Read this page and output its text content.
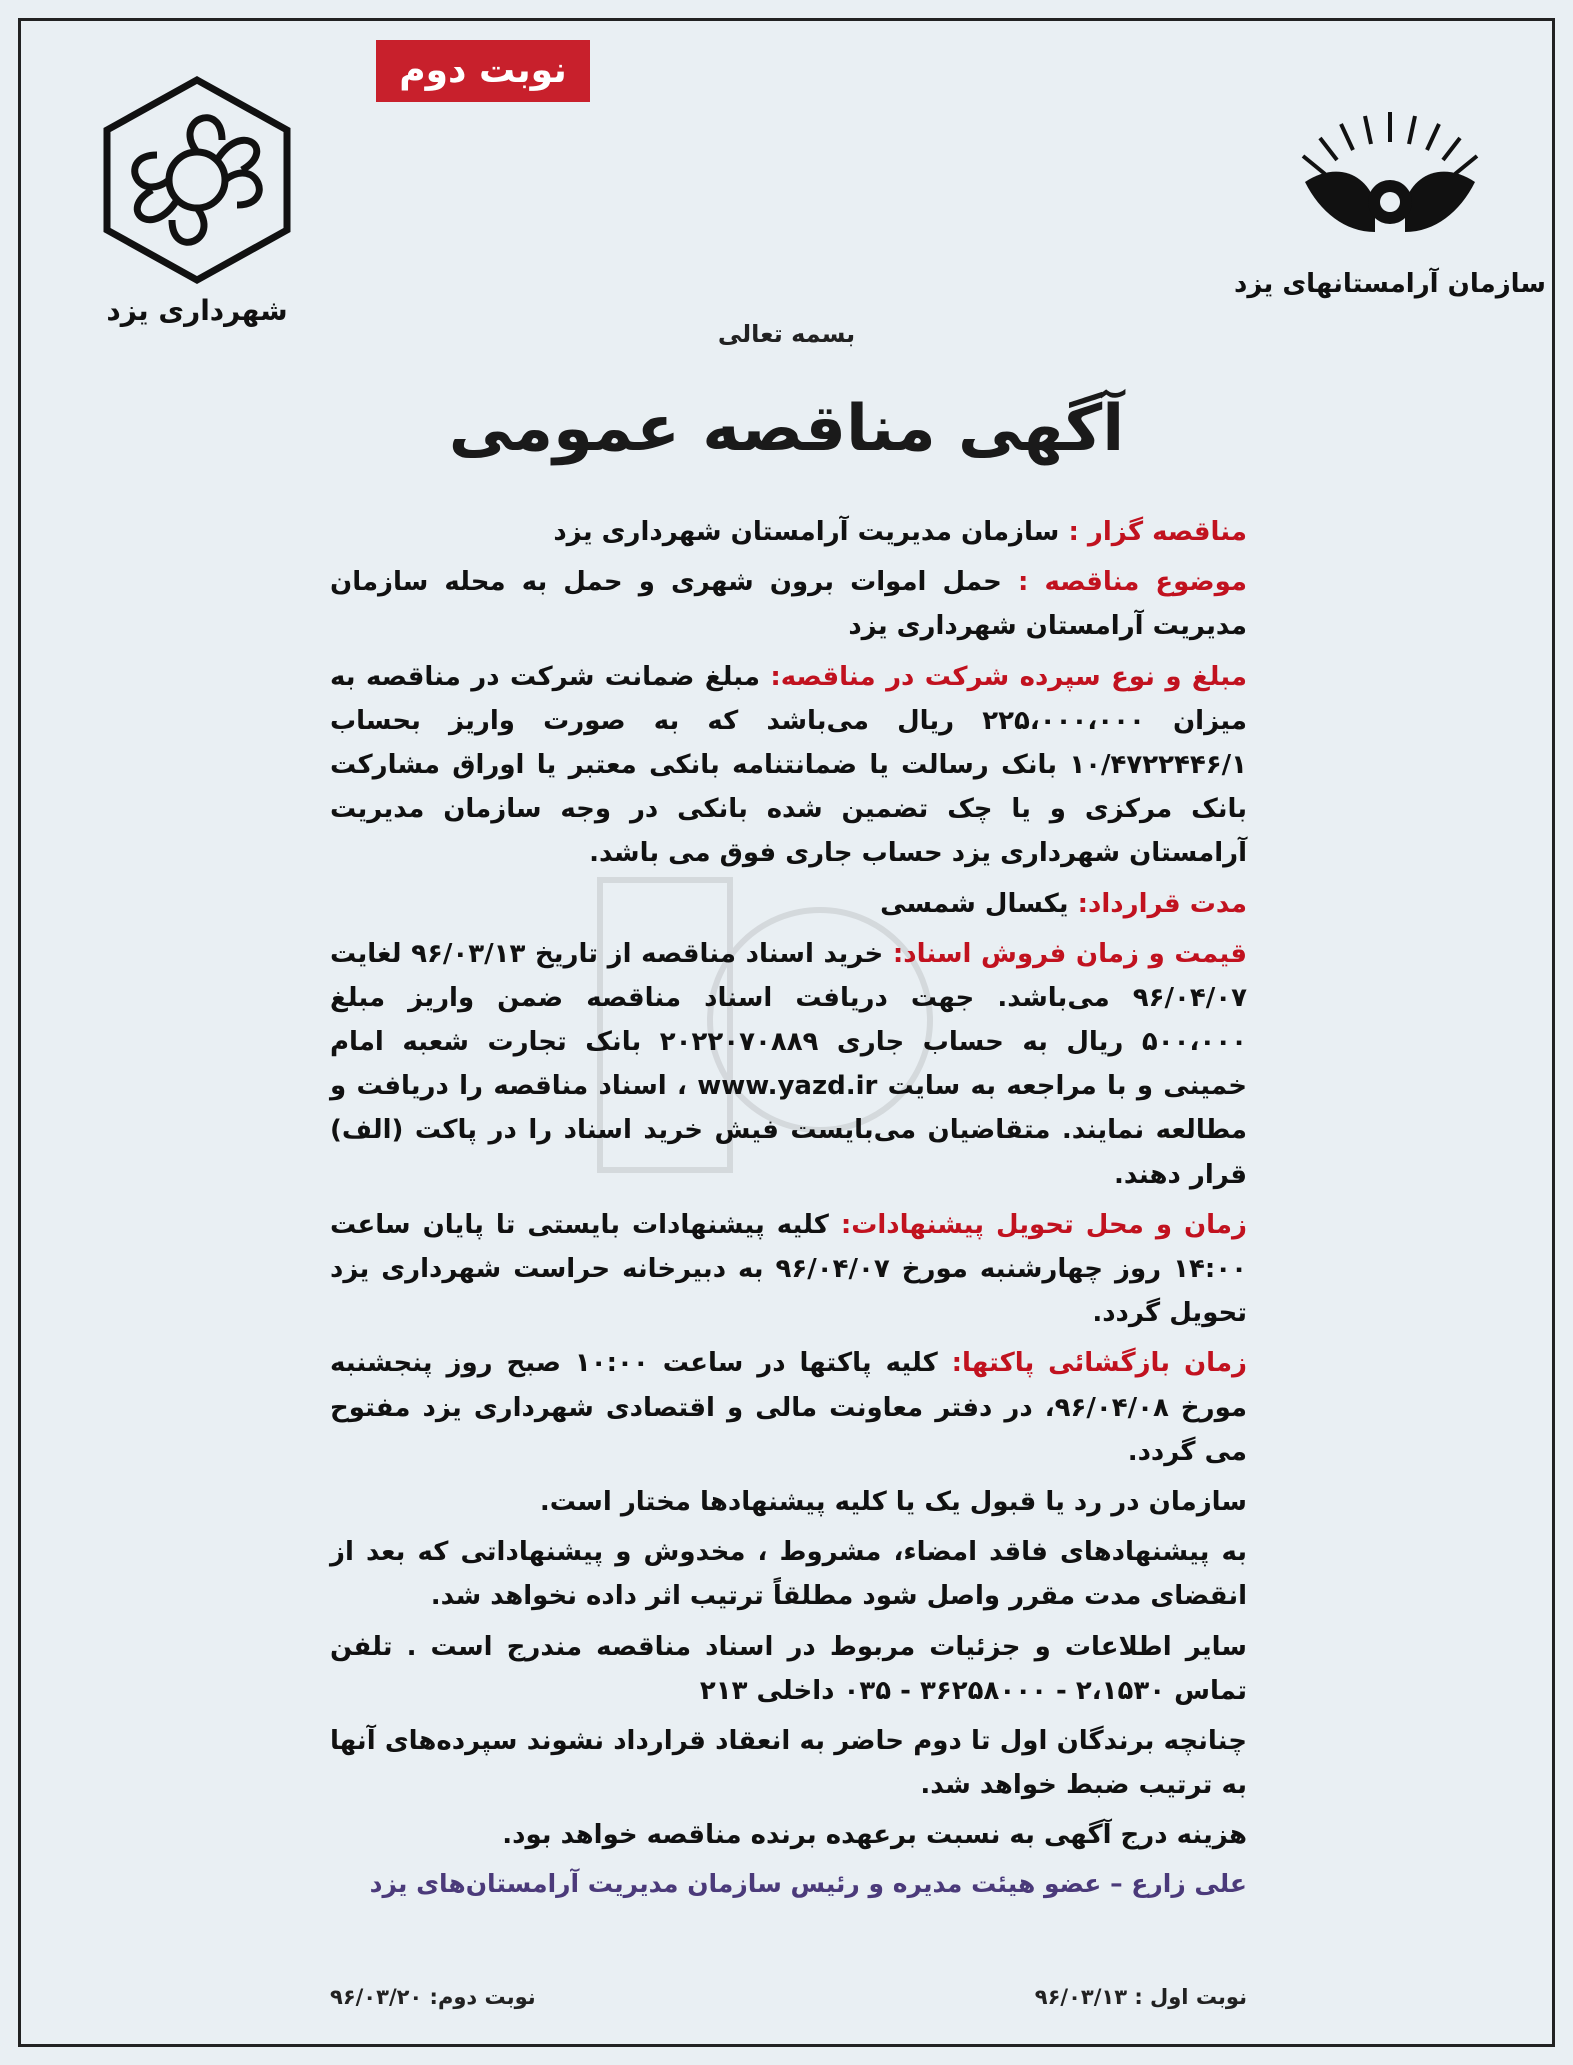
نوبت دوم
شهرداری یزد
سازمان آرامستانهای یزد
بسمه تعالی
آگهی مناقصه عمومی

مناقصه گزار : سازمان مدیریت آرامستان شهرداری یزد

موضوع مناقصه : حمل اموات برون شهری و حمل به محله سازمان مدیریت آرامستان شهرداری یزد

مبلغ و نوع سپرده شرکت در مناقصه: مبلغ ضمانت شرکت در مناقصه به میزان ۲۲۵،۰۰۰،۰۰۰ ریال می‌باشد که به صورت واریز بحساب ۱۰/۴۷۲۲۴۴۶/۱ بانک رسالت یا ضمانتنامه بانکی معتبر یا اوراق مشارکت بانک مرکزی و یا چک تضمین شده بانکی در وجه سازمان مدیریت آرامستان شهرداری یزد حساب جاری فوق می باشد.

مدت قرارداد: یکسال شمسی

قیمت و زمان فروش اسناد: خرید اسناد مناقصه از تاریخ ۹۶/۰۳/۱۳ لغایت ۹۶/۰۴/۰۷ می‌باشد. جهت دریافت اسناد مناقصه ضمن واریز مبلغ ۵۰۰،۰۰۰ ریال به حساب جاری ۲۰۲۲۰۷۰۸۸۹ بانک تجارت شعبه امام خمینی و با مراجعه به سایت www.yazd.ir ، اسناد مناقصه را دریافت و مطالعه نمایند. متقاضیان می‌بایست فیش خرید اسناد را در پاکت (الف) قرار دهند.

زمان و محل تحویل پیشنهادات: کلیه پیشنهادات بایستی تا پایان ساعت ۱۴:۰۰ روز چهارشنبه مورخ ۹۶/۰۴/۰۷ به دبیرخانه حراست شهرداری یزد تحویل گردد.

زمان بازگشائی پاکتها: کلیه پاکتها در ساعت ۱۰:۰۰ صبح روز پنجشنبه مورخ ۹۶/۰۴/۰۸، در دفتر معاونت مالی و اقتصادی شهرداری یزد مفتوح می گردد.

سازمان در رد یا قبول یک یا کلیه پیشنهادها مختار است.

به پیشنهادهای فاقد امضاء، مشروط ، مخدوش و پیشنهاداتی که بعد از انقضای مدت مقرر واصل شود مطلقاً ترتیب اثر داده نخواهد شد.

سایر اطلاعات و جزئیات مربوط در اسناد مناقصه مندرج است . تلفن تماس ۲،۱۵۳۰ - ۳۶۲۵۸۰۰۰ - ۰۳۵ داخلی ۲۱۳

چنانچه برندگان اول تا دوم حاضر به انعقاد قرارداد نشوند سپرده‌های آنها به ترتیب ضبط خواهد شد.

هزینه درج آگهی به نسبت برعهده برنده مناقصه خواهد بود.

علی زارع – عضو هیئت مدیره و رئیس سازمان مدیریت آرامستان‌های یزد

نوبت اول : ۹۶/۰۳/۱۳
نوبت دوم: ۹۶/۰۳/۲۰
